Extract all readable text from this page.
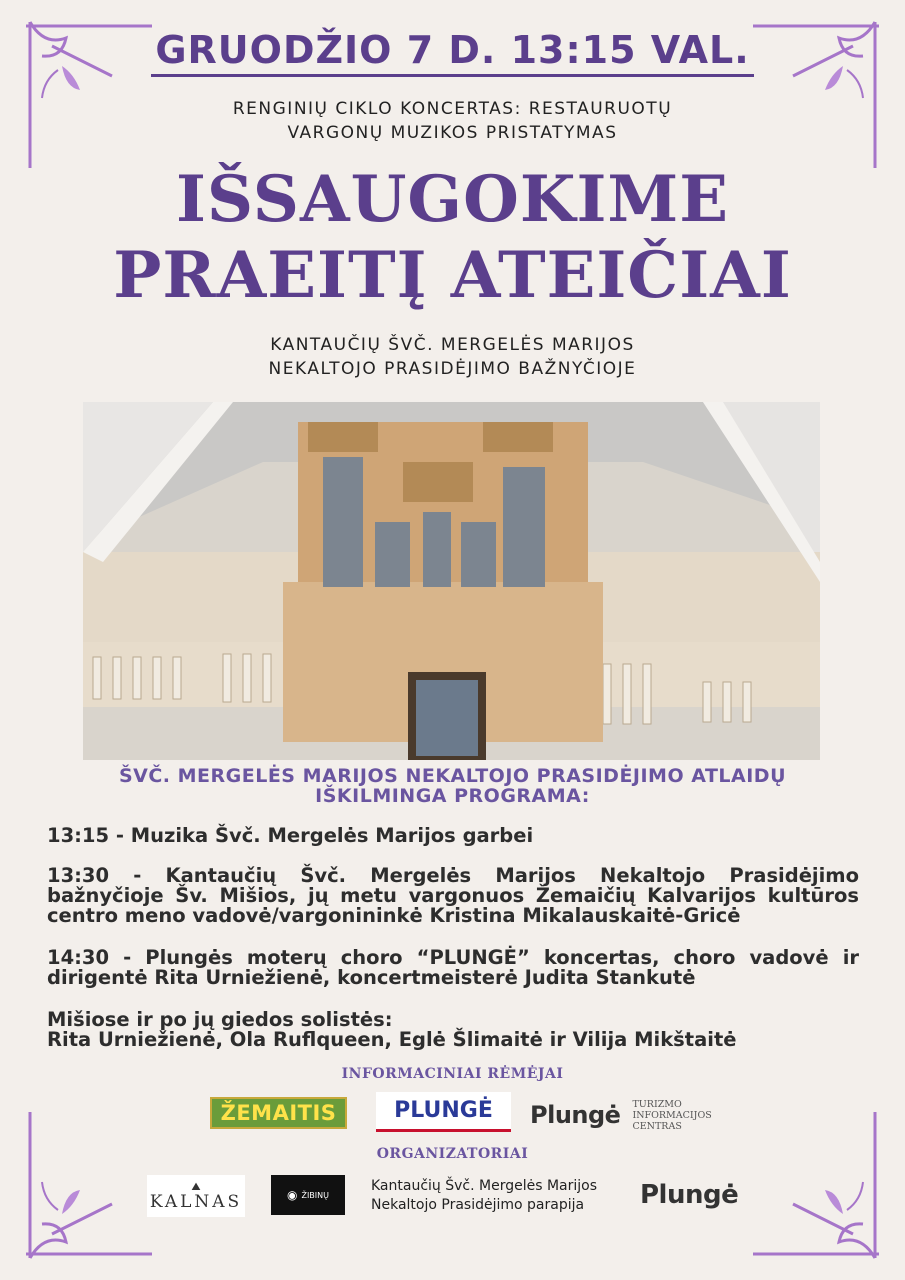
GRUODŽIO 7 D. 13:15 VAL.
RENGINIŲ CIKLO KONCERTAS: RESTAURUOTŲ
VARGONŲ MUZIKOS PRISTATYMAS
IŠSAUGOKIME
PRAEITĮ ATEIČIAI
KANTAUČIŲ ŠVČ. MERGELĖS MARIJOS
NEKALTOJO PRASIDĖJIMO BAŽNYČIOJE
ŠVČ. MERGELĖS MARIJOS NEKALTOJO PRASIDĖJIMO ATLAIDŲ
IŠKILMINGA PROGRAMA:

13:15 - Muzika Švč. Mergelės Marijos garbei

13:30 - Kantaučių Švč. Mergelės Marijos Nekaltojo Prasidėjimo bažnyčioje Šv. Mišios, jų metu vargonuos Žemaičių Kalvarijos kultūros centro meno vadovė/vargonininkė Kristina Mikalauskaitė-Gricė

14:30 - Plungės moterų choro “PLUNGĖ” koncertas, choro vadovė ir dirigentė Rita Urniežienė, koncertmeisterė Judita Stankutė

Mišiose ir po jų giedos solistės:
Rita Urniežienė, Ola Ruflqueen, Eglė Šlimaitė ir Vilija Mikštaitė
INFORMACINIAI RĖMĖJAI
ŽEMAITIS	PLUNGĖ Plungė TURIZMO
INFORMACIJOS
CENTRAS
ORGANIZATORIAI
⛰
KALNAS	◉ ŽIBINŲ
Kantaučių Švč. Mergelės Marijos
Nekaltojo Prasidėjimo parapija	Plungė
